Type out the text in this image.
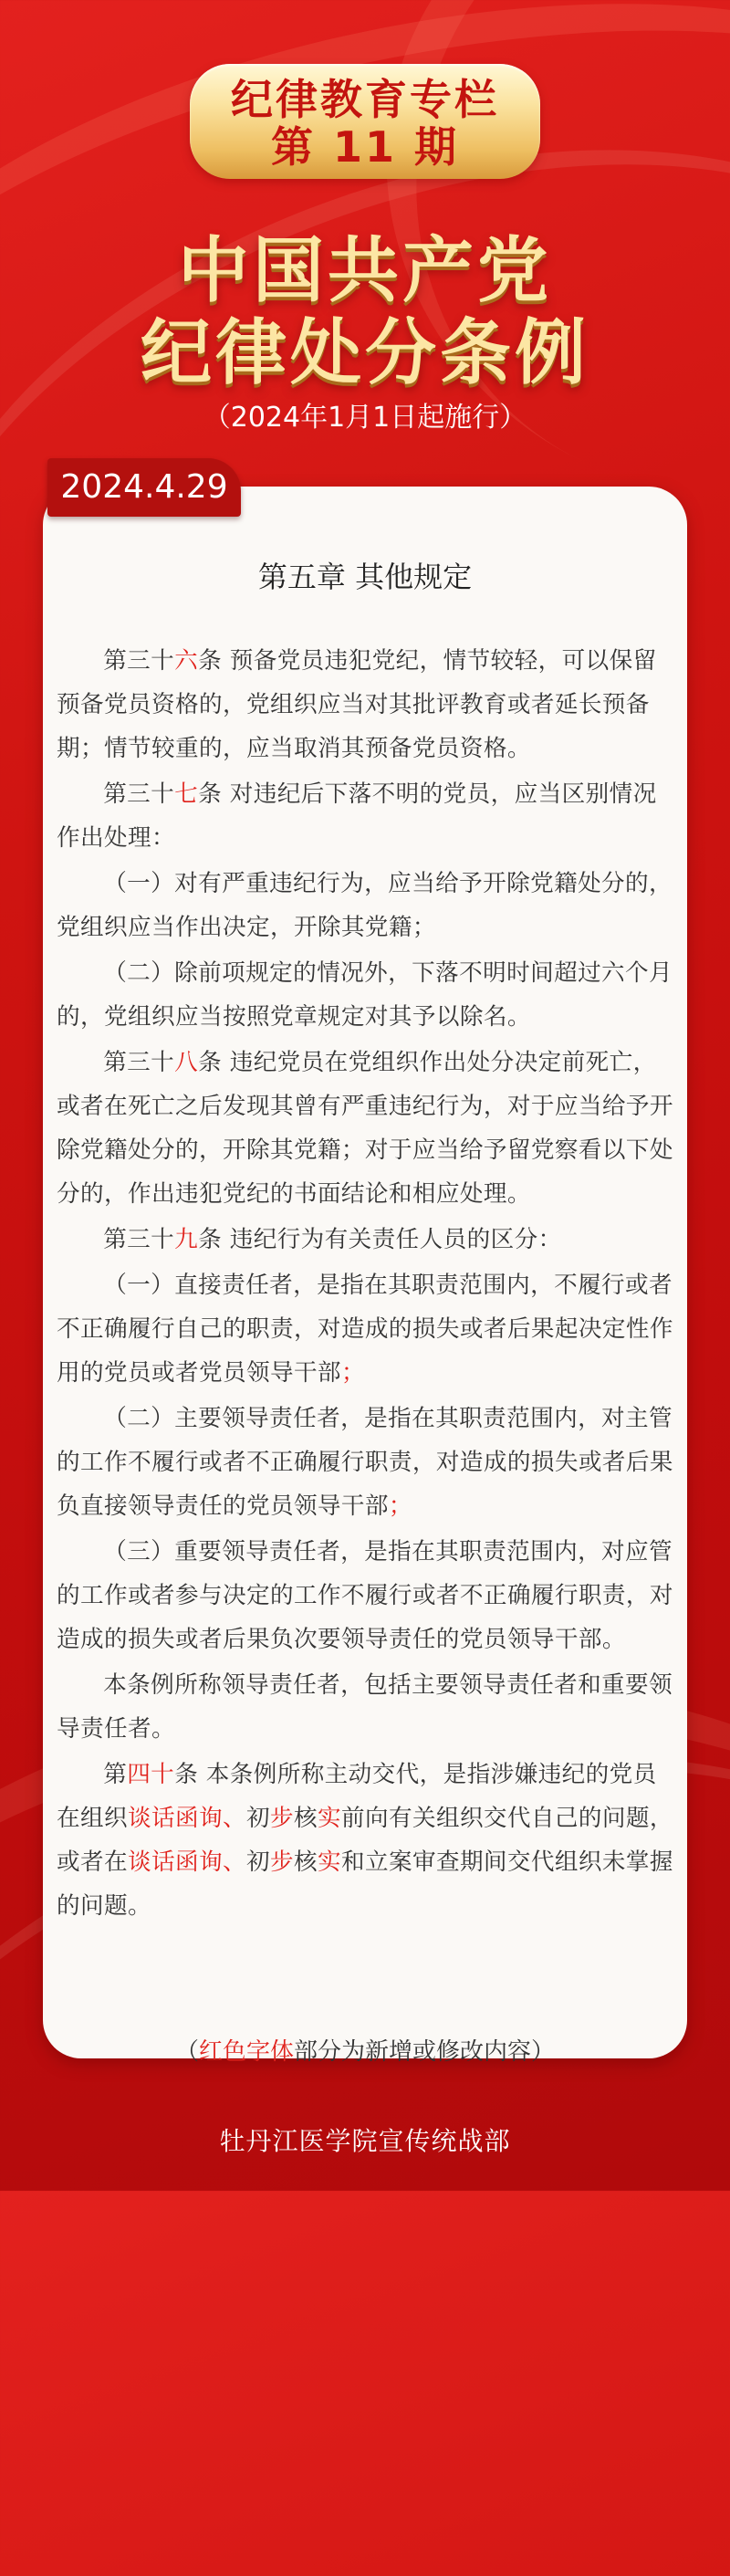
纪律教育专栏
第 11 期
中国共产党
纪律处分条例
（2024年1月1日起施行）
2024.4.29
第五章 其他规定

第三十六条 预备党员违犯党纪，情节较轻，可以保留预备党员资格的，党组织应当对其批评教育或者延长预备期；情节较重的，应当取消其预备党员资格。

第三十七条 对违纪后下落不明的党员，应当区别情况作出处理：

（一）对有严重违纪行为，应当给予开除党籍处分的，党组织应当作出决定，开除其党籍；

（二）除前项规定的情况外，下落不明时间超过六个月的，党组织应当按照党章规定对其予以除名。

第三十八条 违纪党员在党组织作出处分决定前死亡，或者在死亡之后发现其曾有严重违纪行为，对于应当给予开除党籍处分的，开除其党籍；对于应当给予留党察看以下处分的，作出违犯党纪的书面结论和相应处理。

第三十九条 违纪行为有关责任人员的区分：

（一）直接责任者，是指在其职责范围内，不履行或者不正确履行自己的职责，对造成的损失或者后果起决定性作用的党员或者党员领导干部；

（二）主要领导责任者，是指在其职责范围内，对主管的工作不履行或者不正确履行职责，对造成的损失或者后果负直接领导责任的党员领导干部；

（三）重要领导责任者，是指在其职责范围内，对应管的工作或者参与决定的工作不履行或者不正确履行职责，对造成的损失或者后果负次要领导责任的党员领导干部。

本条例所称领导责任者，包括主要领导责任者和重要领导责任者。

第四十条 本条例所称主动交代，是指涉嫌违纪的党员在组织谈话函询、初步核实前向有关组织交代自己的问题，或者在谈话函询、初步核实和立案审查期间交代组织未掌握的问题。

（红色字体部分为新增或修改内容）
牡丹江医学院宣传统战部
